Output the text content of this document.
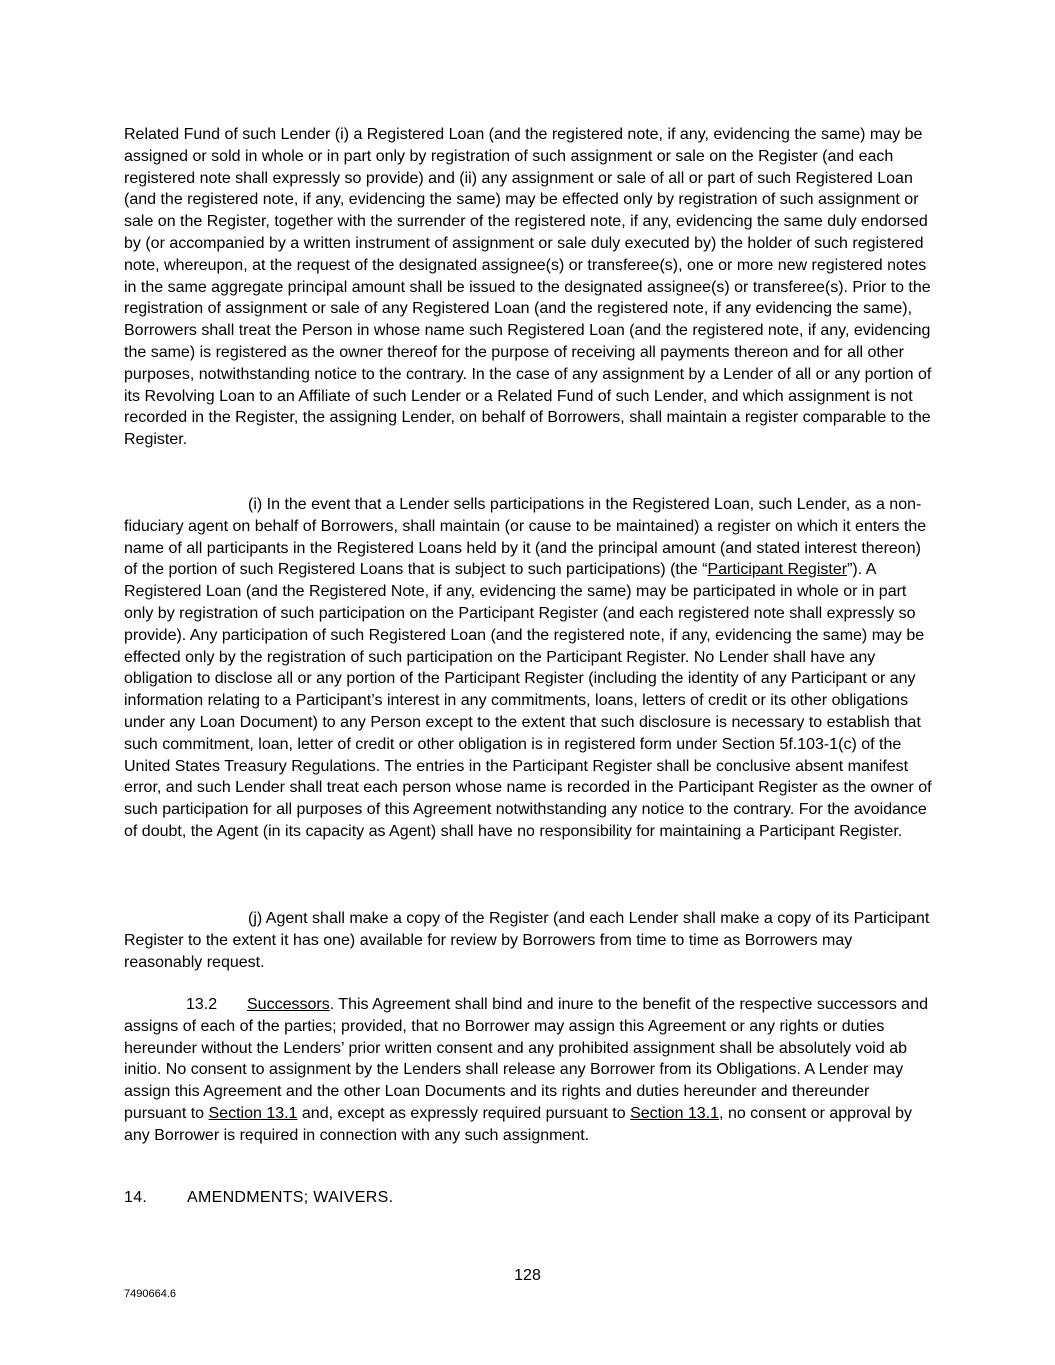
Related Fund of such Lender (i) a Registered Loan (and the registered note, if any, evidencing the same) may be assigned or sold in whole or in part only by registration of such assignment or sale on the Register (and each registered note shall expressly so provide) and (ii) any assignment or sale of all or part of such Registered Loan (and the registered note, if any, evidencing the same) may be effected only by registration of such assignment or sale on the Register, together with the surrender of the registered note, if any, evidencing the same duly endorsed by (or accompanied by a written instrument of assignment or sale duly executed by) the holder of such registered note, whereupon, at the request of the designated assignee(s) or transferee(s), one or more new registered notes in the same aggregate principal amount shall be issued to the designated assignee(s) or transferee(s). Prior to the registration of assignment or sale of any Registered Loan (and the registered note, if any evidencing the same), Borrowers shall treat the Person in whose name such Registered Loan (and the registered note, if any, evidencing the same) is registered as the owner thereof for the purpose of receiving all payments thereon and for all other purposes, notwithstanding notice to the contrary. In the case of any assignment by a Lender of all or any portion of its Revolving Loan to an Affiliate of such Lender or a Related Fund of such Lender, and which assignment is not recorded in the Register, the assigning Lender, on behalf of Borrowers, shall maintain a register comparable to the Register.
(i) In the event that a Lender sells participations in the Registered Loan, such Lender, as a non-fiduciary agent on behalf of Borrowers, shall maintain (or cause to be maintained) a register on which it enters the name of all participants in the Registered Loans held by it (and the principal amount (and stated interest thereon) of the portion of such Registered Loans that is subject to such participations) (the “Participant Register”). A Registered Loan (and the Registered Note, if any, evidencing the same) may be participated in whole or in part only by registration of such participation on the Participant Register (and each registered note shall expressly so provide). Any participation of such Registered Loan (and the registered note, if any, evidencing the same) may be effected only by the registration of such participation on the Participant Register. No Lender shall have any obligation to disclose all or any portion of the Participant Register (including the identity of any Participant or any information relating to a Participant’s interest in any commitments, loans, letters of credit or its other obligations under any Loan Document) to any Person except to the extent that such disclosure is necessary to establish that such commitment, loan, letter of credit or other obligation is in registered form under Section 5f.103-1(c) of the United States Treasury Regulations. The entries in the Participant Register shall be conclusive absent manifest error, and such Lender shall treat each person whose name is recorded in the Participant Register as the owner of such participation for all purposes of this Agreement notwithstanding any notice to the contrary. For the avoidance of doubt, the Agent (in its capacity as Agent) shall have no responsibility for maintaining a Participant Register.
(j) Agent shall make a copy of the Register (and each Lender shall make a copy of its Participant Register to the extent it has one) available for review by Borrowers from time to time as Borrowers may reasonably request.
13.2 Successors. This Agreement shall bind and inure to the benefit of the respective successors and assigns of each of the parties; provided, that no Borrower may assign this Agreement or any rights or duties hereunder without the Lenders’ prior written consent and any prohibited assignment shall be absolutely void ab initio. No consent to assignment by the Lenders shall release any Borrower from its Obligations. A Lender may assign this Agreement and the other Loan Documents and its rights and duties hereunder and thereunder pursuant to Section 13.1 and, except as expressly required pursuant to Section 13.1, no consent or approval by any Borrower is required in connection with any such assignment.
14. AMENDMENTS; WAIVERS.
128
7490664.6
